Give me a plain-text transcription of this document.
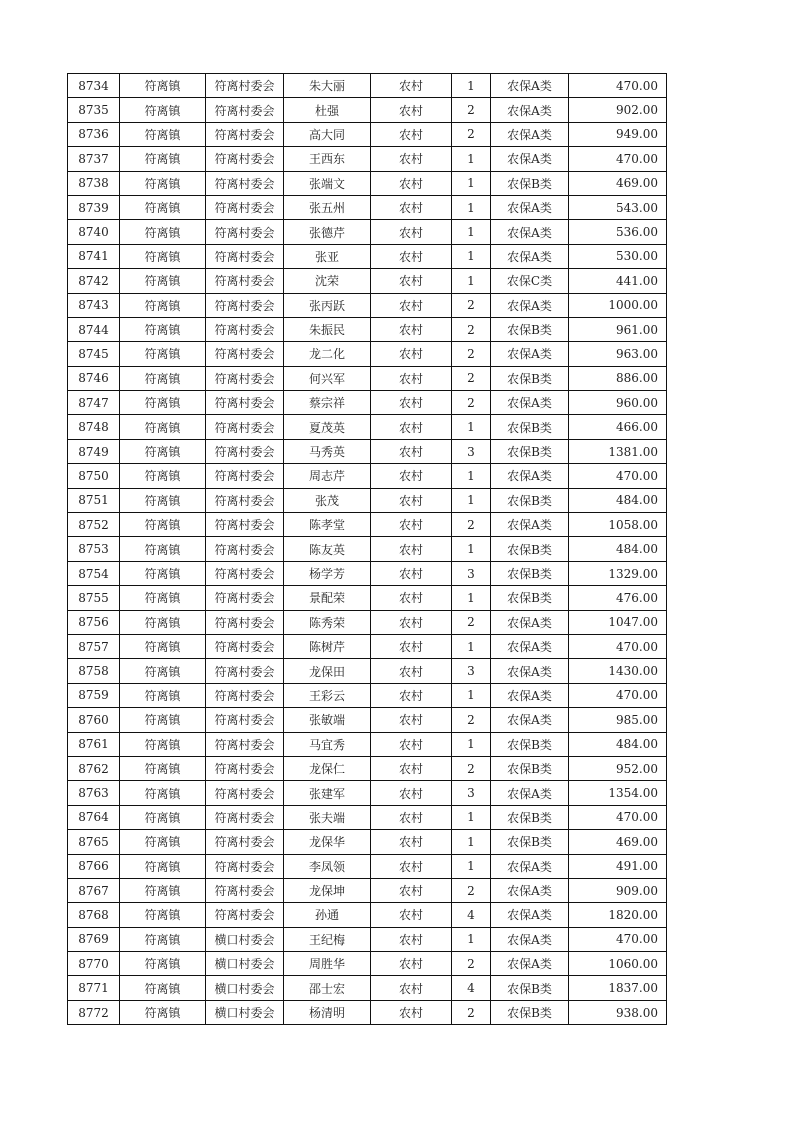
8734	符离镇	符离村委会	朱大丽	农村	1	农保A类	470.00
8735	符离镇	符离村委会	杜强	农村	2	农保A类	902.00
8736	符离镇	符离村委会	高大同	农村	2	农保A类	949.00
8737	符离镇	符离村委会	王西东	农村	1	农保A类	470.00
8738	符离镇	符离村委会	张端文	农村	1	农保B类	469.00
8739	符离镇	符离村委会	张五州	农村	1	农保A类	543.00
8740	符离镇	符离村委会	张德芹	农村	1	农保A类	536.00
8741	符离镇	符离村委会	张亚	农村	1	农保A类	530.00
8742	符离镇	符离村委会	沈荣	农村	1	农保C类	441.00
8743	符离镇	符离村委会	张丙跃	农村	2	农保A类	1000.00
8744	符离镇	符离村委会	朱振民	农村	2	农保B类	961.00
8745	符离镇	符离村委会	龙二化	农村	2	农保A类	963.00
8746	符离镇	符离村委会	何兴军	农村	2	农保B类	886.00
8747	符离镇	符离村委会	蔡宗祥	农村	2	农保A类	960.00
8748	符离镇	符离村委会	夏茂英	农村	1	农保B类	466.00
8749	符离镇	符离村委会	马秀英	农村	3	农保B类	1381.00
8750	符离镇	符离村委会	周志芹	农村	1	农保A类	470.00
8751	符离镇	符离村委会	张茂	农村	1	农保B类	484.00
8752	符离镇	符离村委会	陈孝堂	农村	2	农保A类	1058.00
8753	符离镇	符离村委会	陈友英	农村	1	农保B类	484.00
8754	符离镇	符离村委会	杨学芳	农村	3	农保B类	1329.00
8755	符离镇	符离村委会	景配荣	农村	1	农保B类	476.00
8756	符离镇	符离村委会	陈秀荣	农村	2	农保A类	1047.00
8757	符离镇	符离村委会	陈树芹	农村	1	农保A类	470.00
8758	符离镇	符离村委会	龙保田	农村	3	农保A类	1430.00
8759	符离镇	符离村委会	王彩云	农村	1	农保A类	470.00
8760	符离镇	符离村委会	张敏端	农村	2	农保A类	985.00
8761	符离镇	符离村委会	马宜秀	农村	1	农保B类	484.00
8762	符离镇	符离村委会	龙保仁	农村	2	农保B类	952.00
8763	符离镇	符离村委会	张建军	农村	3	农保A类	1354.00
8764	符离镇	符离村委会	张夫端	农村	1	农保B类	470.00
8765	符离镇	符离村委会	龙保华	农村	1	农保B类	469.00
8766	符离镇	符离村委会	李凤领	农村	1	农保A类	491.00
8767	符离镇	符离村委会	龙保坤	农村	2	农保A类	909.00
8768	符离镇	符离村委会	孙通	农村	4	农保A类	1820.00
8769	符离镇	横口村委会	王纪梅	农村	1	农保A类	470.00
8770	符离镇	横口村委会	周胜华	农村	2	农保A类	1060.00
8771	符离镇	横口村委会	邵士宏	农村	4	农保B类	1837.00
8772	符离镇	横口村委会	杨清明	农村	2	农保B类	938.00
